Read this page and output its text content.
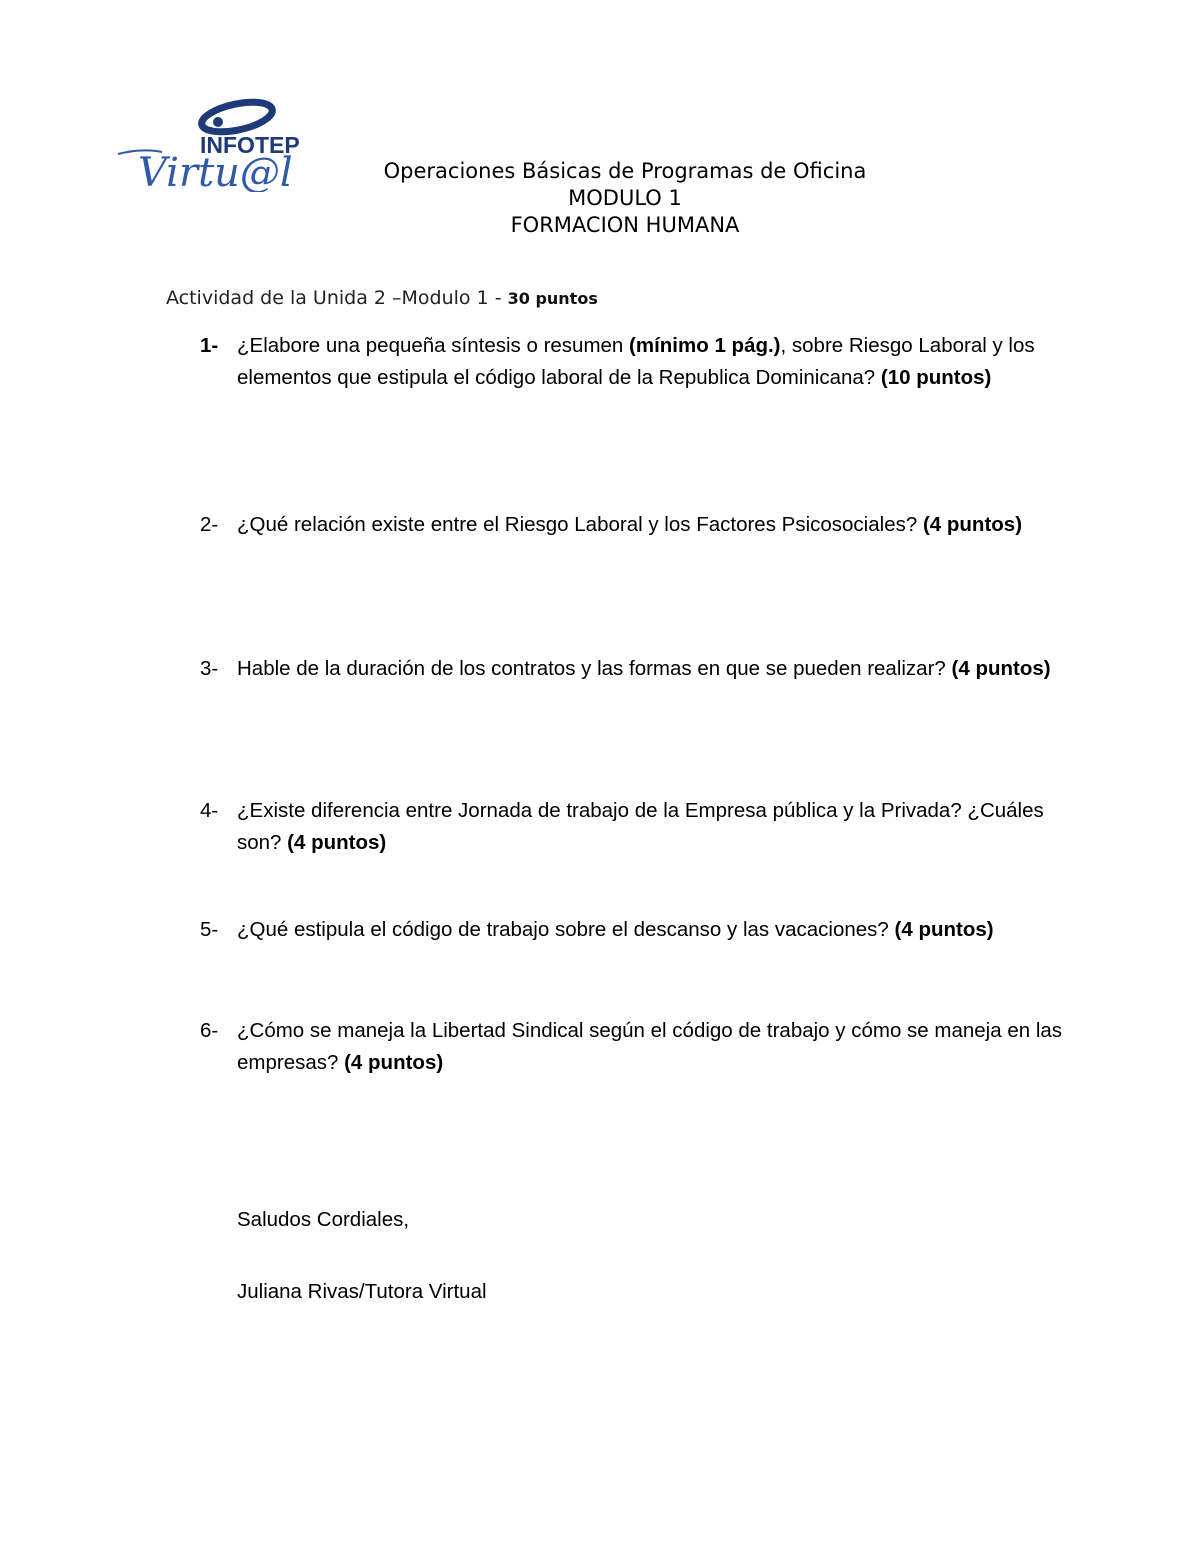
INFOTEP
Virtu@l	Operaciones Básicas de Programas de Oficina
MODULO 1
FORMACION HUMANA
Actividad de la Unida 2 –Modulo 1 - 30 puntos
1- ¿Elabore una pequeña síntesis o resumen (mínimo 1 pág.), sobre Riesgo Laboral y los elementos que estipula el código laboral de la Republica Dominicana? (10 puntos)
2- ¿Qué relación existe entre el Riesgo Laboral y los Factores Psicosociales? (4 puntos)
3- Hable de la duración de los contratos y las formas en que se pueden realizar? (4 puntos)
4- ¿Existe diferencia entre Jornada de trabajo de la Empresa pública y la Privada? ¿Cuáles son? (4 puntos)
5- ¿Qué estipula el código de trabajo sobre el descanso y las vacaciones? (4 puntos)
6- ¿Cómo se maneja la Libertad Sindical según el código de trabajo y cómo se maneja en las empresas? (4 puntos)
Saludos Cordiales,
Juliana Rivas/Tutora Virtual
